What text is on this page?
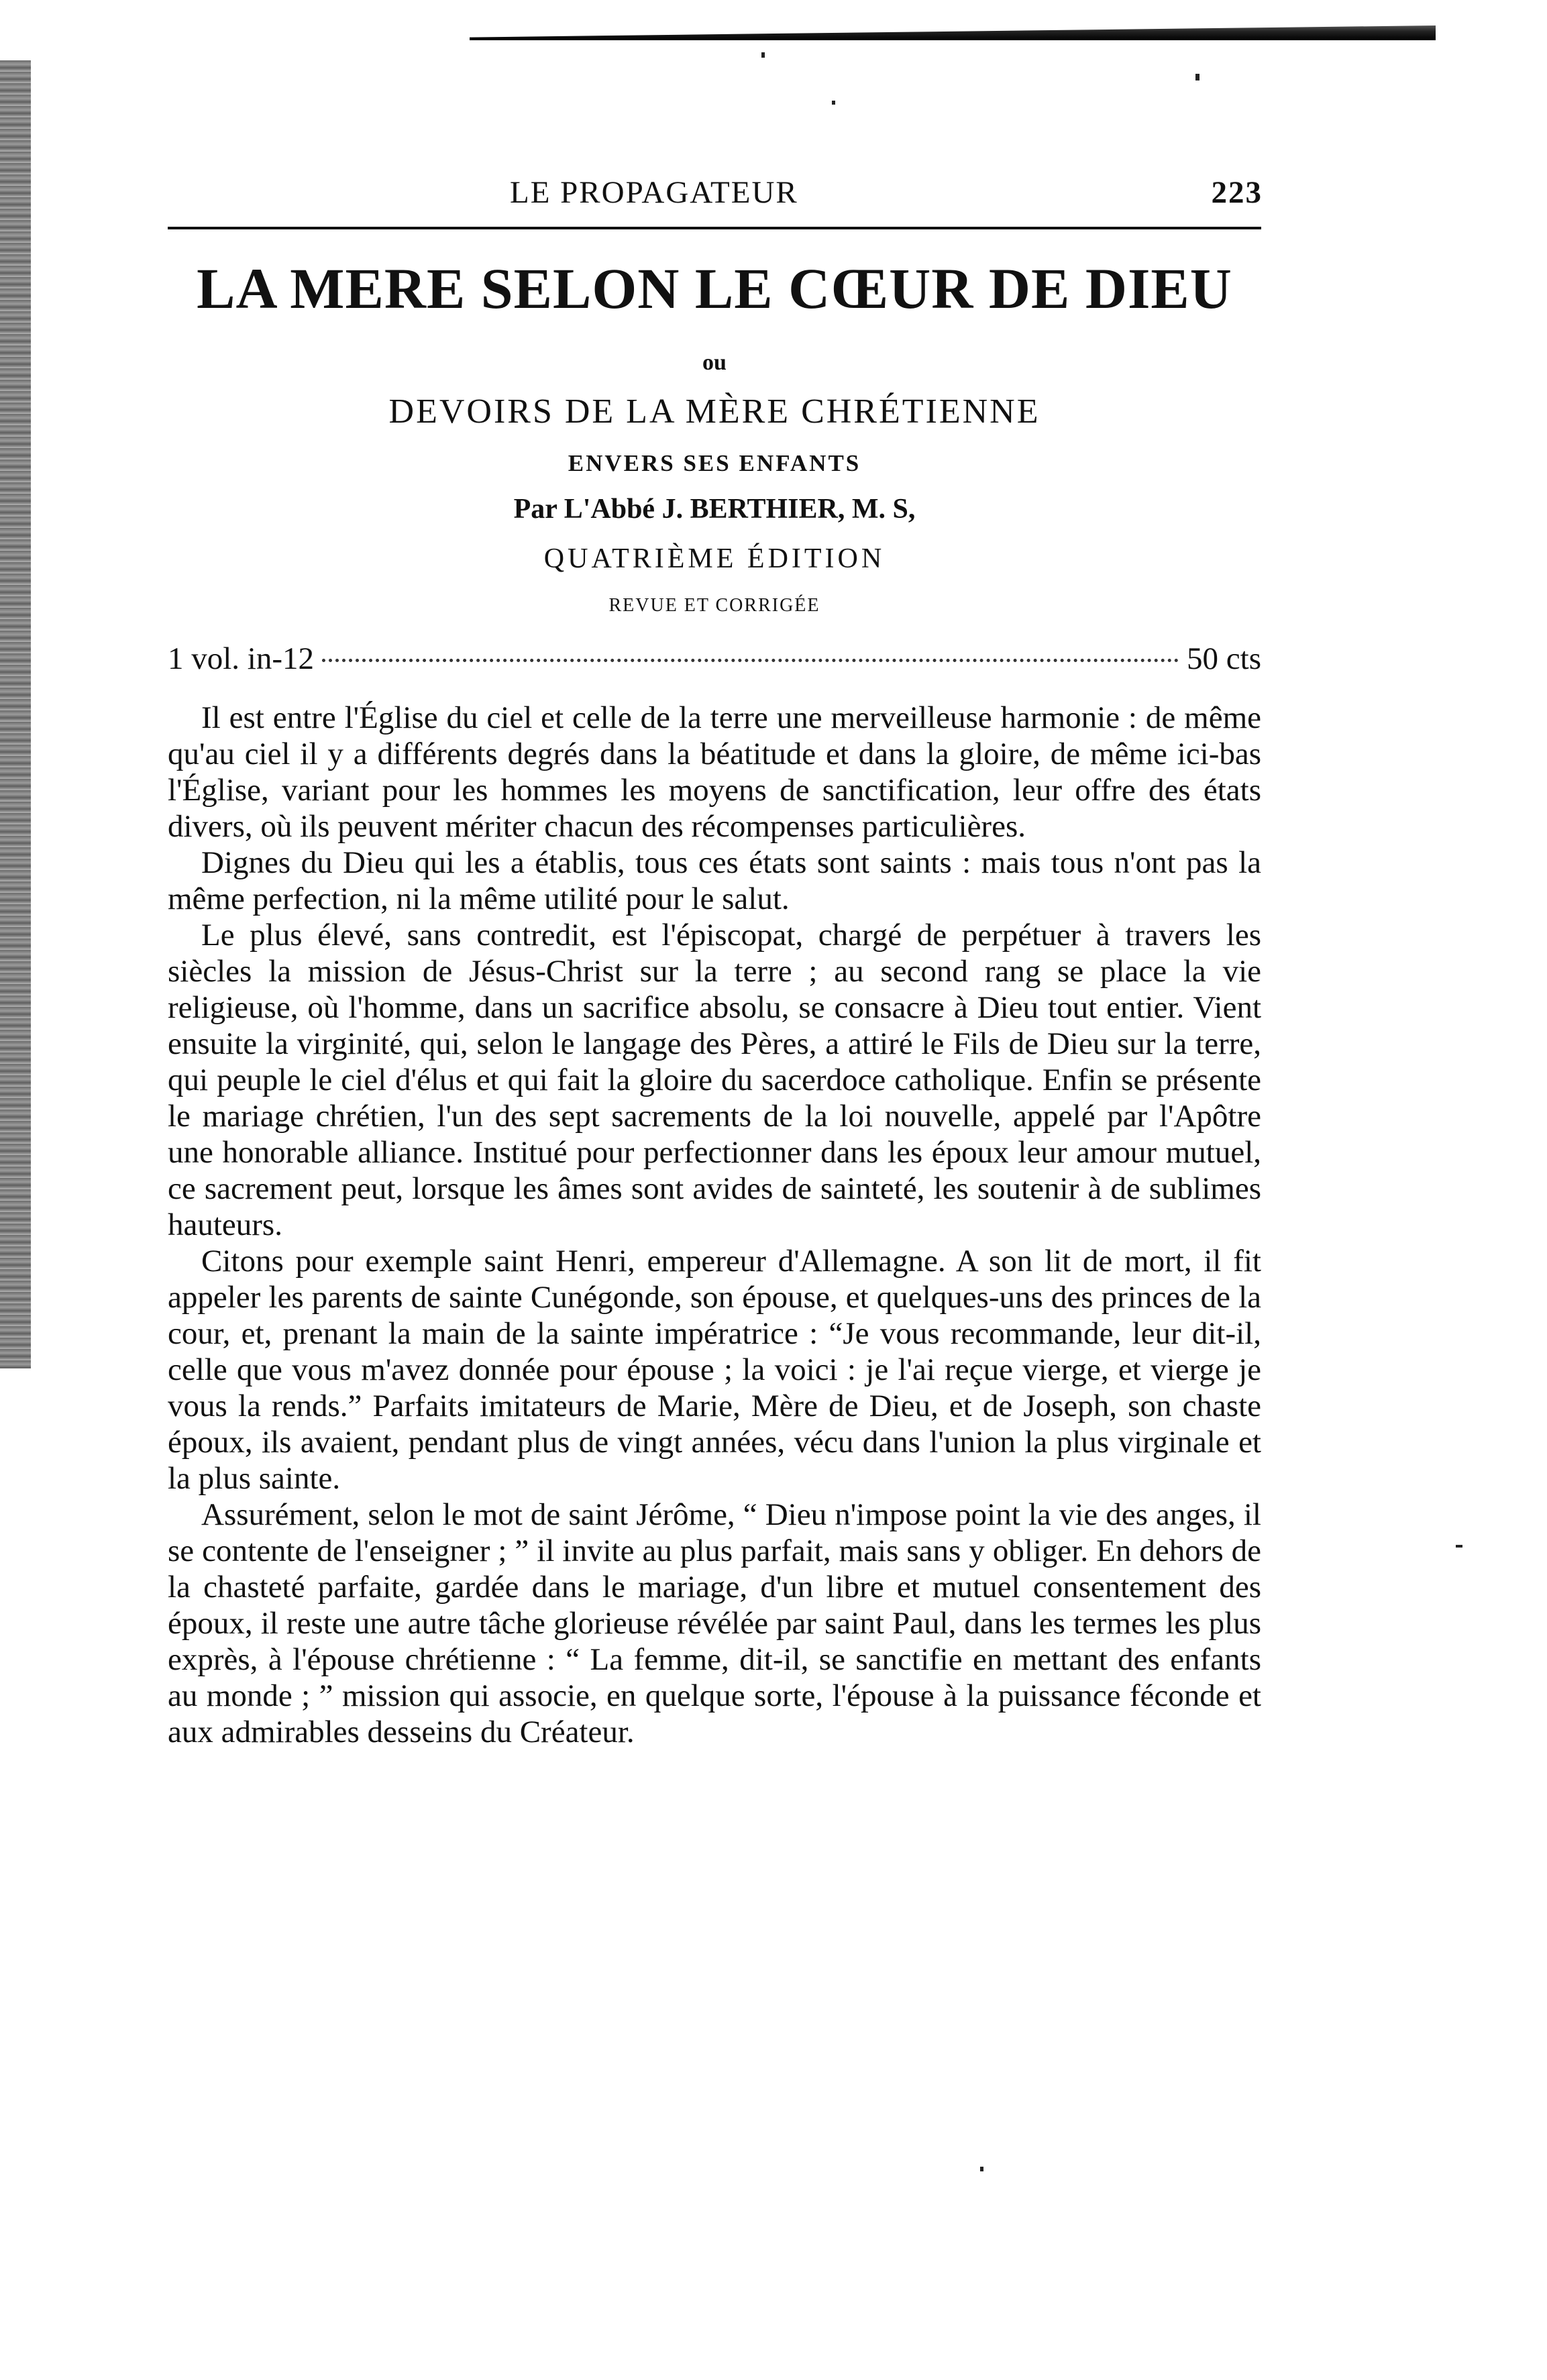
LE PROPAGATEUR	223
LA MERE SELON LE CŒUR DE DIEU
ou
DEVOIRS DE LA MÈRE CHRÉTIENNE
ENVERS SES ENFANTS
Par L'Abbé J. BERTHIER, M. S,
QUATRIÈME ÉDITION
REVUE ET CORRIGÉE
1 vol. in-12	50 cts

Il est entre l'Église du ciel et celle de la terre une merveilleuse harmonie : de même qu'au ciel il y a différents degrés dans la béatitude et dans la gloire, de même ici-bas l'Église, variant pour les hommes les moyens de sanctification, leur offre des états divers, où ils peuvent mériter chacun des récompenses particulières.

Dignes du Dieu qui les a établis, tous ces états sont saints : mais tous n'ont pas la même perfection, ni la même utilité pour le salut.

Le plus élevé, sans contredit, est l'épiscopat, chargé de perpétuer à travers les siècles la mission de Jésus-Christ sur la terre ; au second rang se place la vie religieuse, où l'homme, dans un sacrifice absolu, se consacre à Dieu tout entier. Vient ensuite la virginité, qui, selon le langage des Pères, a attiré le Fils de Dieu sur la terre, qui peuple le ciel d'élus et qui fait la gloire du sacerdoce catholique. Enfin se présente le mariage chrétien, l'un des sept sacrements de la loi nouvelle, appelé par l'Apôtre une honorable alliance. Institué pour perfectionner dans les époux leur amour mutuel, ce sacrement peut, lorsque les âmes sont avides de sainteté, les soutenir à de sublimes hauteurs.

Citons pour exemple saint Henri, empereur d'Allemagne. A son lit de mort, il fit appeler les parents de sainte Cunégonde, son épouse, et quelques-uns des princes de la cour, et, prenant la main de la sainte impératrice : “Je vous recommande, leur dit-il, celle que vous m'avez donnée pour épouse ; la voici : je l'ai reçue vierge, et vierge je vous la rends.” Parfaits imitateurs de Marie, Mère de Dieu, et de Joseph, son chaste époux, ils avaient, pendant plus de vingt années, vécu dans l'union la plus virginale et la plus sainte.

Assurément, selon le mot de saint Jérôme, “ Dieu n'impose point la vie des anges, il se contente de l'enseigner ; ” il invite au plus parfait, mais sans y obliger. En dehors de la chasteté parfaite, gardée dans le mariage, d'un libre et mutuel consentement des époux, il reste une autre tâche glorieuse révélée par saint Paul, dans les termes les plus exprès, à l'épouse chrétienne : “ La femme, dit-il, se sanctifie en mettant des enfants au monde ; ” mission qui associe, en quelque sorte, l'épouse à la puissance féconde et aux admirables desseins du Créateur.
